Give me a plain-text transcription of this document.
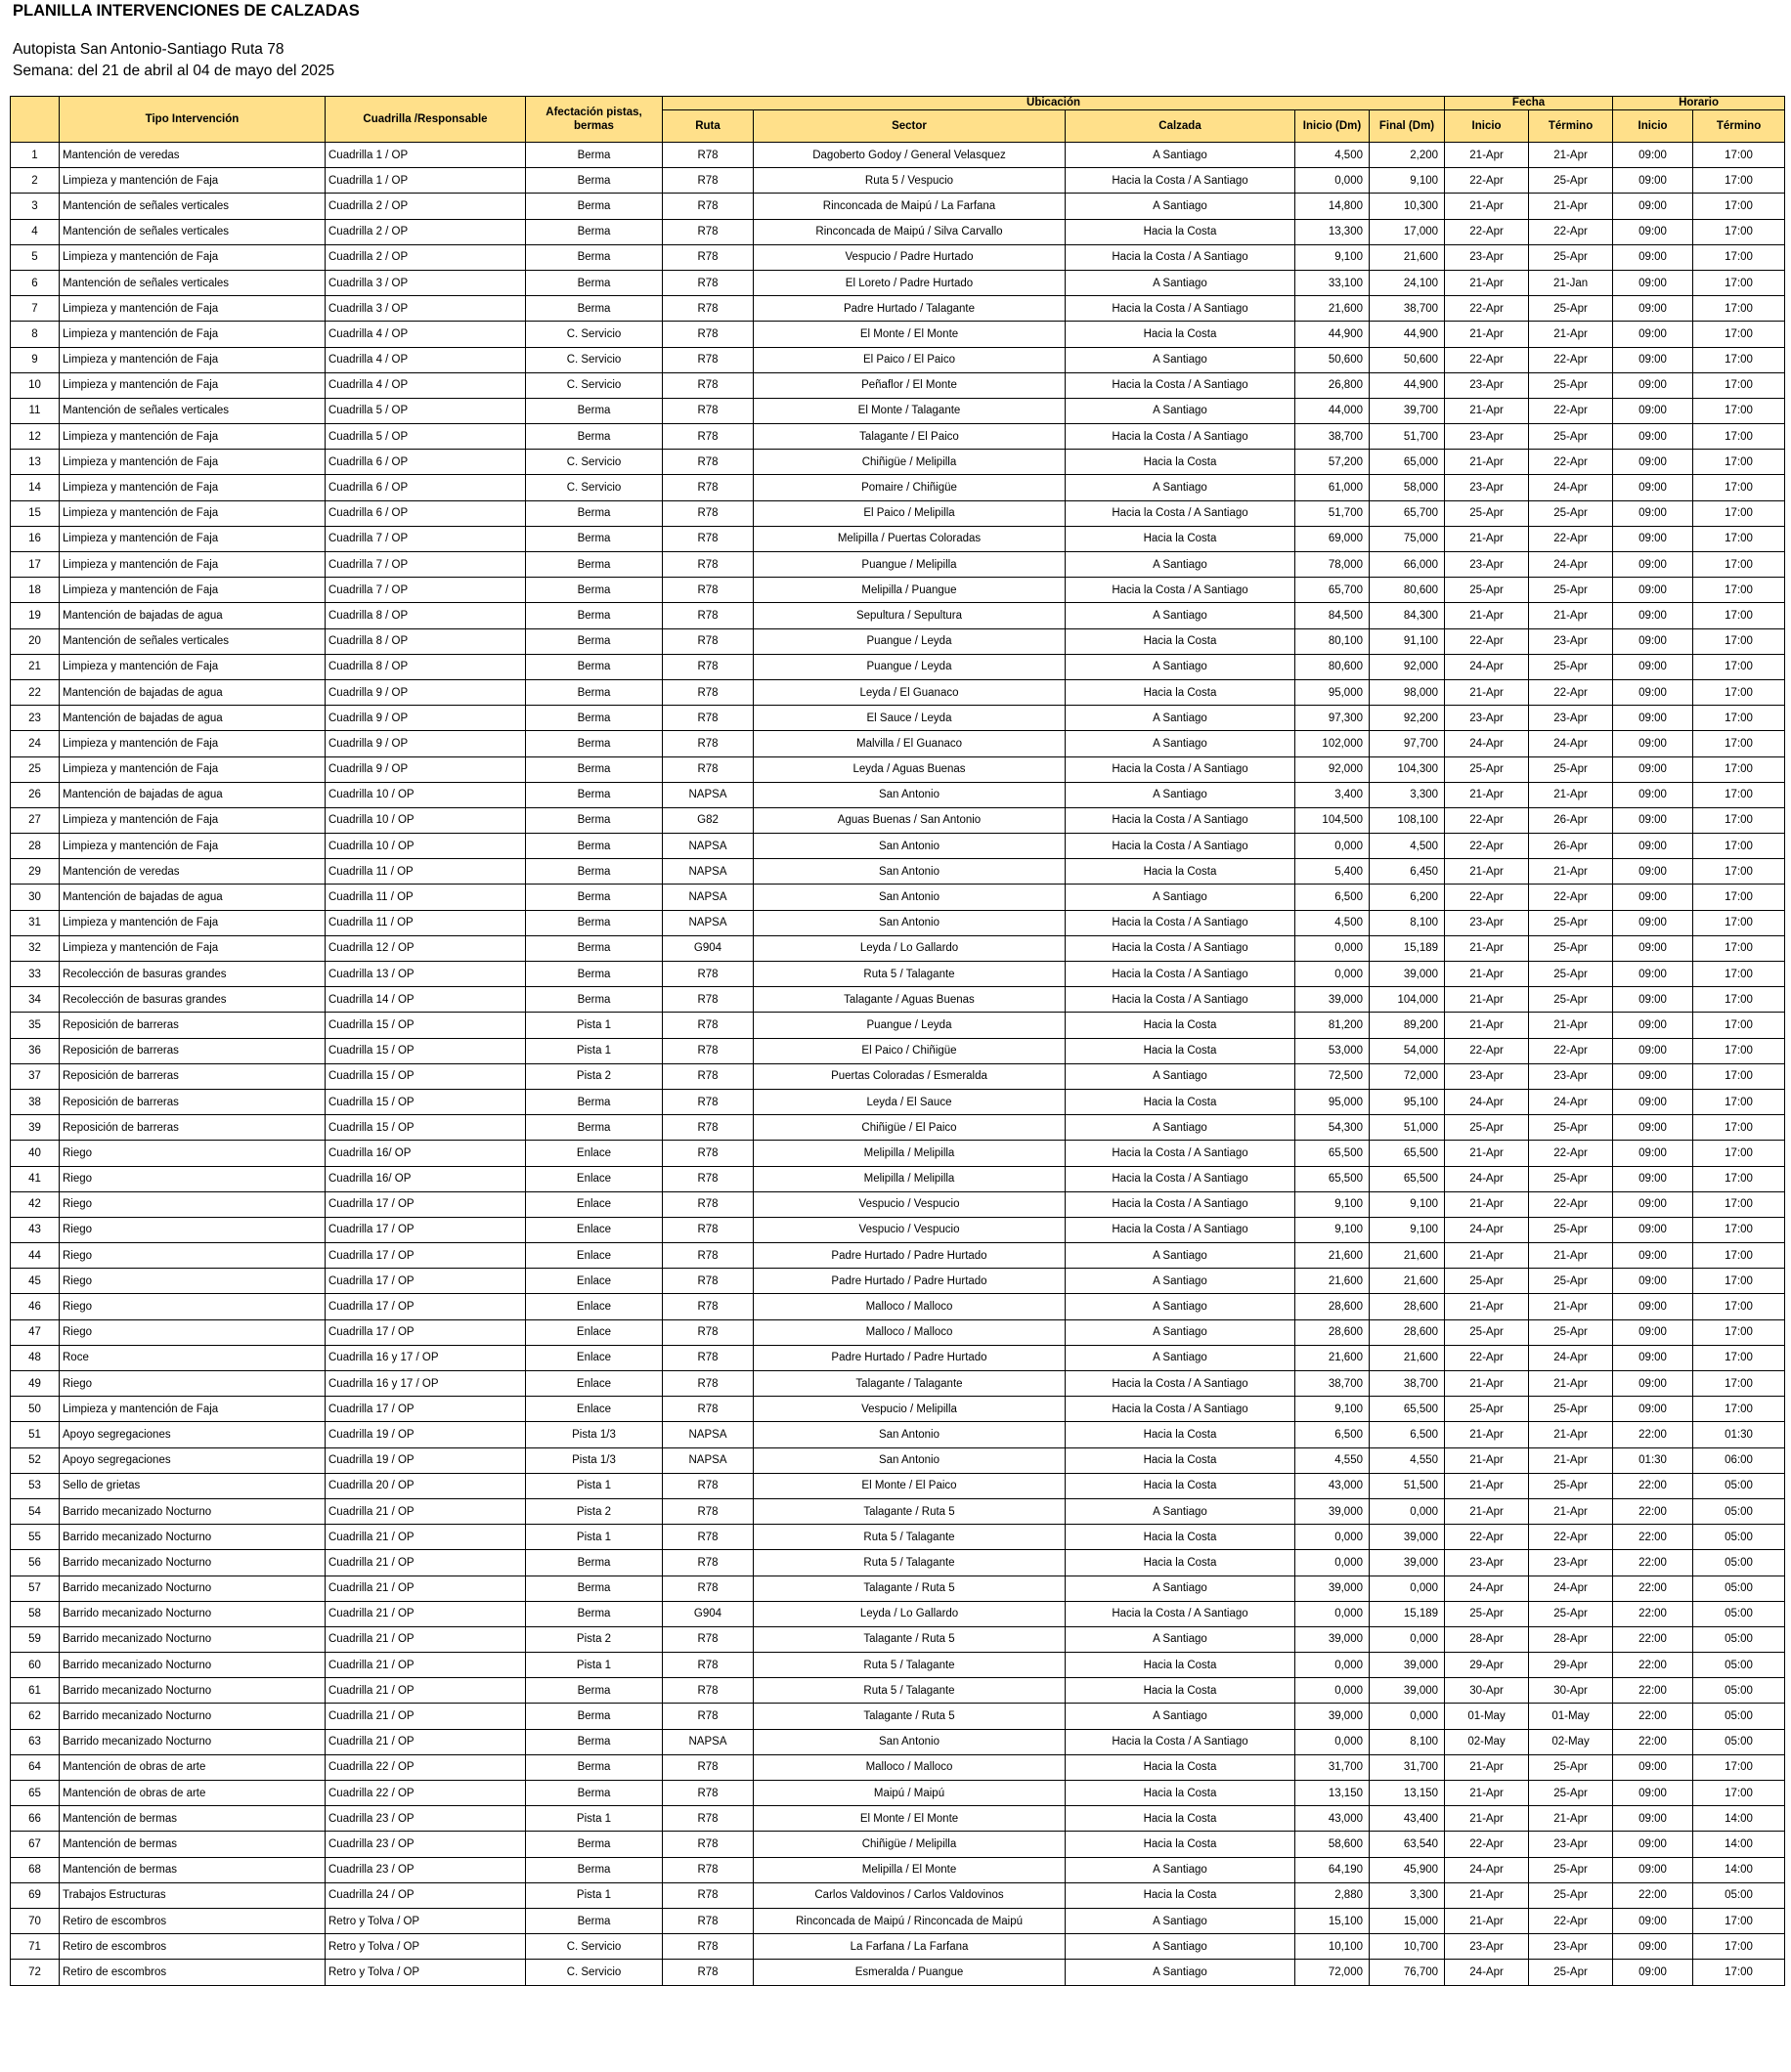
PLANILLA INTERVENCIONES DE CALZADAS
Autopista San Antonio-Santiago Ruta 78
Semana: del 21 de abril al 04 de mayo del 2025
	Tipo Intervención	Cuadrilla /Responsable	Afectación pistas, bermas	Ubicación					Fecha		Horario	
				Ruta	Sector	Calzada	Inicio (Dm)	Final (Dm)	Inicio	Término	Inicio	Término
1	Mantención de veredas	Cuadrilla 1 / OP	Berma	R78	Dagoberto Godoy / General Velasquez	A Santiago	4,500	2,200	21-Apr	21-Apr	09:00	17:00
2	Limpieza y mantención de Faja	Cuadrilla 1 / OP	Berma	R78	Ruta 5 / Vespucio	Hacia la Costa / A Santiago	0,000	9,100	22-Apr	25-Apr	09:00	17:00
3	Mantención de señales verticales	Cuadrilla 2 / OP	Berma	R78	Rinconcada de Maipú / La Farfana	A Santiago	14,800	10,300	21-Apr	21-Apr	09:00	17:00
4	Mantención de señales verticales	Cuadrilla 2 / OP	Berma	R78	Rinconcada de Maipú / Silva Carvallo	Hacia la Costa	13,300	17,000	22-Apr	22-Apr	09:00	17:00
5	Limpieza y mantención de Faja	Cuadrilla 2 / OP	Berma	R78	Vespucio / Padre Hurtado	Hacia la Costa / A Santiago	9,100	21,600	23-Apr	25-Apr	09:00	17:00
6	Mantención de señales verticales	Cuadrilla 3 / OP	Berma	R78	El Loreto / Padre Hurtado	A Santiago	33,100	24,100	21-Apr	21-Jan	09:00	17:00
7	Limpieza y mantención de Faja	Cuadrilla 3 / OP	Berma	R78	Padre Hurtado / Talagante	Hacia la Costa / A Santiago	21,600	38,700	22-Apr	25-Apr	09:00	17:00
8	Limpieza y mantención de Faja	Cuadrilla 4 / OP	C. Servicio	R78	El Monte / El Monte	Hacia la Costa	44,900	44,900	21-Apr	21-Apr	09:00	17:00
9	Limpieza y mantención de Faja	Cuadrilla 4 / OP	C. Servicio	R78	El Paico / El Paico	A Santiago	50,600	50,600	22-Apr	22-Apr	09:00	17:00
10	Limpieza y mantención de Faja	Cuadrilla 4 / OP	C. Servicio	R78	Peñaflor / El Monte	Hacia la Costa / A Santiago	26,800	44,900	23-Apr	25-Apr	09:00	17:00
11	Mantención de señales verticales	Cuadrilla 5 / OP	Berma	R78	El Monte / Talagante	A Santiago	44,000	39,700	21-Apr	22-Apr	09:00	17:00
12	Limpieza y mantención de Faja	Cuadrilla 5 / OP	Berma	R78	Talagante / El Paico	Hacia la Costa / A Santiago	38,700	51,700	23-Apr	25-Apr	09:00	17:00
13	Limpieza y mantención de Faja	Cuadrilla 6 / OP	C. Servicio	R78	Chiñigüe / Melipilla	Hacia la Costa	57,200	65,000	21-Apr	22-Apr	09:00	17:00
14	Limpieza y mantención de Faja	Cuadrilla 6 / OP	C. Servicio	R78	Pomaire / Chiñigüe	A Santiago	61,000	58,000	23-Apr	24-Apr	09:00	17:00
15	Limpieza y mantención de Faja	Cuadrilla 6 / OP	Berma	R78	El Paico / Melipilla	Hacia la Costa / A Santiago	51,700	65,700	25-Apr	25-Apr	09:00	17:00
16	Limpieza y mantención de Faja	Cuadrilla 7 / OP	Berma	R78	Melipilla / Puertas Coloradas	Hacia la Costa	69,000	75,000	21-Apr	22-Apr	09:00	17:00
17	Limpieza y mantención de Faja	Cuadrilla 7 / OP	Berma	R78	Puangue / Melipilla	A Santiago	78,000	66,000	23-Apr	24-Apr	09:00	17:00
18	Limpieza y mantención de Faja	Cuadrilla 7 / OP	Berma	R78	Melipilla / Puangue	Hacia la Costa / A Santiago	65,700	80,600	25-Apr	25-Apr	09:00	17:00
19	Mantención de bajadas de agua	Cuadrilla 8 / OP	Berma	R78	Sepultura / Sepultura	A Santiago	84,500	84,300	21-Apr	21-Apr	09:00	17:00
20	Mantención de señales verticales	Cuadrilla 8 / OP	Berma	R78	Puangue / Leyda	Hacia la Costa	80,100	91,100	22-Apr	23-Apr	09:00	17:00
21	Limpieza y mantención de Faja	Cuadrilla 8 / OP	Berma	R78	Puangue / Leyda	A Santiago	80,600	92,000	24-Apr	25-Apr	09:00	17:00
22	Mantención de bajadas de agua	Cuadrilla 9 / OP	Berma	R78	Leyda / El Guanaco	Hacia la Costa	95,000	98,000	21-Apr	22-Apr	09:00	17:00
23	Mantención de bajadas de agua	Cuadrilla 9 / OP	Berma	R78	El Sauce / Leyda	A Santiago	97,300	92,200	23-Apr	23-Apr	09:00	17:00
24	Limpieza y mantención de Faja	Cuadrilla 9 / OP	Berma	R78	Malvilla / El Guanaco	A Santiago	102,000	97,700	24-Apr	24-Apr	09:00	17:00
25	Limpieza y mantención de Faja	Cuadrilla 9 / OP	Berma	R78	Leyda / Aguas Buenas	Hacia la Costa / A Santiago	92,000	104,300	25-Apr	25-Apr	09:00	17:00
26	Mantención de bajadas de agua	Cuadrilla 10 / OP	Berma	NAPSA	San Antonio	A Santiago	3,400	3,300	21-Apr	21-Apr	09:00	17:00
27	Limpieza y mantención de Faja	Cuadrilla 10 / OP	Berma	G82	Aguas Buenas / San Antonio	Hacia la Costa / A Santiago	104,500	108,100	22-Apr	26-Apr	09:00	17:00
28	Limpieza y mantención de Faja	Cuadrilla 10 / OP	Berma	NAPSA	San Antonio	Hacia la Costa / A Santiago	0,000	4,500	22-Apr	26-Apr	09:00	17:00
29	Mantención de veredas	Cuadrilla 11 / OP	Berma	NAPSA	San Antonio	Hacia la Costa	5,400	6,450	21-Apr	21-Apr	09:00	17:00
30	Mantención de bajadas de agua	Cuadrilla 11 / OP	Berma	NAPSA	San Antonio	A Santiago	6,500	6,200	22-Apr	22-Apr	09:00	17:00
31	Limpieza y mantención de Faja	Cuadrilla 11 / OP	Berma	NAPSA	San Antonio	Hacia la Costa / A Santiago	4,500	8,100	23-Apr	25-Apr	09:00	17:00
32	Limpieza y mantención de Faja	Cuadrilla 12 / OP	Berma	G904	Leyda / Lo Gallardo	Hacia la Costa / A Santiago	0,000	15,189	21-Apr	25-Apr	09:00	17:00
33	Recolección de basuras grandes	Cuadrilla 13 / OP	Berma	R78	Ruta 5 / Talagante	Hacia la Costa / A Santiago	0,000	39,000	21-Apr	25-Apr	09:00	17:00
34	Recolección de basuras grandes	Cuadrilla 14 / OP	Berma	R78	Talagante / Aguas Buenas	Hacia la Costa / A Santiago	39,000	104,000	21-Apr	25-Apr	09:00	17:00
35	Reposición de barreras	Cuadrilla 15 / OP	Pista 1	R78	Puangue / Leyda	Hacia la Costa	81,200	89,200	21-Apr	21-Apr	09:00	17:00
36	Reposición de barreras	Cuadrilla 15 / OP	Pista 1	R78	El Paico / Chiñigüe	Hacia la Costa	53,000	54,000	22-Apr	22-Apr	09:00	17:00
37	Reposición de barreras	Cuadrilla 15 / OP	Pista 2	R78	Puertas Coloradas / Esmeralda	A Santiago	72,500	72,000	23-Apr	23-Apr	09:00	17:00
38	Reposición de barreras	Cuadrilla 15 / OP	Berma	R78	Leyda / El Sauce	Hacia la Costa	95,000	95,100	24-Apr	24-Apr	09:00	17:00
39	Reposición de barreras	Cuadrilla 15 / OP	Berma	R78	Chiñigüe / El Paico	A Santiago	54,300	51,000	25-Apr	25-Apr	09:00	17:00
40	Riego	Cuadrilla 16/ OP	Enlace	R78	Melipilla / Melipilla	Hacia la Costa / A Santiago	65,500	65,500	21-Apr	22-Apr	09:00	17:00
41	Riego	Cuadrilla 16/ OP	Enlace	R78	Melipilla / Melipilla	Hacia la Costa / A Santiago	65,500	65,500	24-Apr	25-Apr	09:00	17:00
42	Riego	Cuadrilla 17 / OP	Enlace	R78	Vespucio / Vespucio	Hacia la Costa / A Santiago	9,100	9,100	21-Apr	22-Apr	09:00	17:00
43	Riego	Cuadrilla 17 / OP	Enlace	R78	Vespucio / Vespucio	Hacia la Costa / A Santiago	9,100	9,100	24-Apr	25-Apr	09:00	17:00
44	Riego	Cuadrilla 17 / OP	Enlace	R78	Padre Hurtado / Padre Hurtado	A Santiago	21,600	21,600	21-Apr	21-Apr	09:00	17:00
45	Riego	Cuadrilla 17 / OP	Enlace	R78	Padre Hurtado / Padre Hurtado	A Santiago	21,600	21,600	25-Apr	25-Apr	09:00	17:00
46	Riego	Cuadrilla 17 / OP	Enlace	R78	Malloco / Malloco	A Santiago	28,600	28,600	21-Apr	21-Apr	09:00	17:00
47	Riego	Cuadrilla 17 / OP	Enlace	R78	Malloco / Malloco	A Santiago	28,600	28,600	25-Apr	25-Apr	09:00	17:00
48	Roce	Cuadrilla 16 y 17 / OP	Enlace	R78	Padre Hurtado / Padre Hurtado	A Santiago	21,600	21,600	22-Apr	24-Apr	09:00	17:00
49	Riego	Cuadrilla 16 y 17 / OP	Enlace	R78	Talagante / Talagante	Hacia la Costa / A Santiago	38,700	38,700	21-Apr	21-Apr	09:00	17:00
50	Limpieza y mantención de Faja	Cuadrilla 17 / OP	Enlace	R78	Vespucio / Melipilla	Hacia la Costa / A Santiago	9,100	65,500	25-Apr	25-Apr	09:00	17:00
51	Apoyo segregaciones	Cuadrilla 19 / OP	Pista 1/3	NAPSA	San Antonio	Hacia la Costa	6,500	6,500	21-Apr	21-Apr	22:00	01:30
52	Apoyo segregaciones	Cuadrilla 19 / OP	Pista 1/3	NAPSA	San Antonio	Hacia la Costa	4,550	4,550	21-Apr	21-Apr	01:30	06:00
53	Sello de grietas	Cuadrilla 20 / OP	Pista 1	R78	El Monte / El Paico	Hacia la Costa	43,000	51,500	21-Apr	25-Apr	22:00	05:00
54	Barrido mecanizado Nocturno	Cuadrilla 21 / OP	Pista 2	R78	Talagante / Ruta 5	A Santiago	39,000	0,000	21-Apr	21-Apr	22:00	05:00
55	Barrido mecanizado Nocturno	Cuadrilla 21 / OP	Pista 1	R78	Ruta 5 / Talagante	Hacia la Costa	0,000	39,000	22-Apr	22-Apr	22:00	05:00
56	Barrido mecanizado Nocturno	Cuadrilla 21 / OP	Berma	R78	Ruta 5 / Talagante	Hacia la Costa	0,000	39,000	23-Apr	23-Apr	22:00	05:00
57	Barrido mecanizado Nocturno	Cuadrilla 21 / OP	Berma	R78	Talagante / Ruta 5	A Santiago	39,000	0,000	24-Apr	24-Apr	22:00	05:00
58	Barrido mecanizado Nocturno	Cuadrilla 21 / OP	Berma	G904	Leyda / Lo Gallardo	Hacia la Costa / A Santiago	0,000	15,189	25-Apr	25-Apr	22:00	05:00
59	Barrido mecanizado Nocturno	Cuadrilla 21 / OP	Pista 2	R78	Talagante / Ruta 5	A Santiago	39,000	0,000	28-Apr	28-Apr	22:00	05:00
60	Barrido mecanizado Nocturno	Cuadrilla 21 / OP	Pista 1	R78	Ruta 5 / Talagante	Hacia la Costa	0,000	39,000	29-Apr	29-Apr	22:00	05:00
61	Barrido mecanizado Nocturno	Cuadrilla 21 / OP	Berma	R78	Ruta 5 / Talagante	Hacia la Costa	0,000	39,000	30-Apr	30-Apr	22:00	05:00
62	Barrido mecanizado Nocturno	Cuadrilla 21 / OP	Berma	R78	Talagante / Ruta 5	A Santiago	39,000	0,000	01-May	01-May	22:00	05:00
63	Barrido mecanizado Nocturno	Cuadrilla 21 / OP	Berma	NAPSA	San Antonio	Hacia la Costa / A Santiago	0,000	8,100	02-May	02-May	22:00	05:00
64	Mantención de obras de arte	Cuadrilla 22 / OP	Berma	R78	Malloco / Malloco	Hacia la Costa	31,700	31,700	21-Apr	25-Apr	09:00	17:00
65	Mantención de obras de arte	Cuadrilla 22 / OP	Berma	R78	Maipú / Maipú	Hacia la Costa	13,150	13,150	21-Apr	25-Apr	09:00	17:00
66	Mantención de bermas	Cuadrilla 23 / OP	Pista 1	R78	El Monte / El Monte	Hacia la Costa	43,000	43,400	21-Apr	21-Apr	09:00	14:00
67	Mantención de bermas	Cuadrilla 23 / OP	Berma	R78	Chiñigüe / Melipilla	Hacia la Costa	58,600	63,540	22-Apr	23-Apr	09:00	14:00
68	Mantención de bermas	Cuadrilla 23 / OP	Berma	R78	Melipilla / El Monte	A Santiago	64,190	45,900	24-Apr	25-Apr	09:00	14:00
69	Trabajos Estructuras	Cuadrilla 24 / OP	Pista 1	R78	Carlos Valdovinos / Carlos Valdovinos	Hacia la Costa	2,880	3,300	21-Apr	25-Apr	22:00	05:00
70	Retiro de escombros	Retro y Tolva / OP	Berma	R78	Rinconcada de Maipú / Rinconcada de Maipú	A Santiago	15,100	15,000	21-Apr	22-Apr	09:00	17:00
71	Retiro de escombros	Retro y Tolva / OP	C. Servicio	R78	La Farfana / La Farfana	A Santiago	10,100	10,700	23-Apr	23-Apr	09:00	17:00
72	Retiro de escombros	Retro y Tolva / OP	C. Servicio	R78	Esmeralda / Puangue	A Santiago	72,000	76,700	24-Apr	25-Apr	09:00	17:00
